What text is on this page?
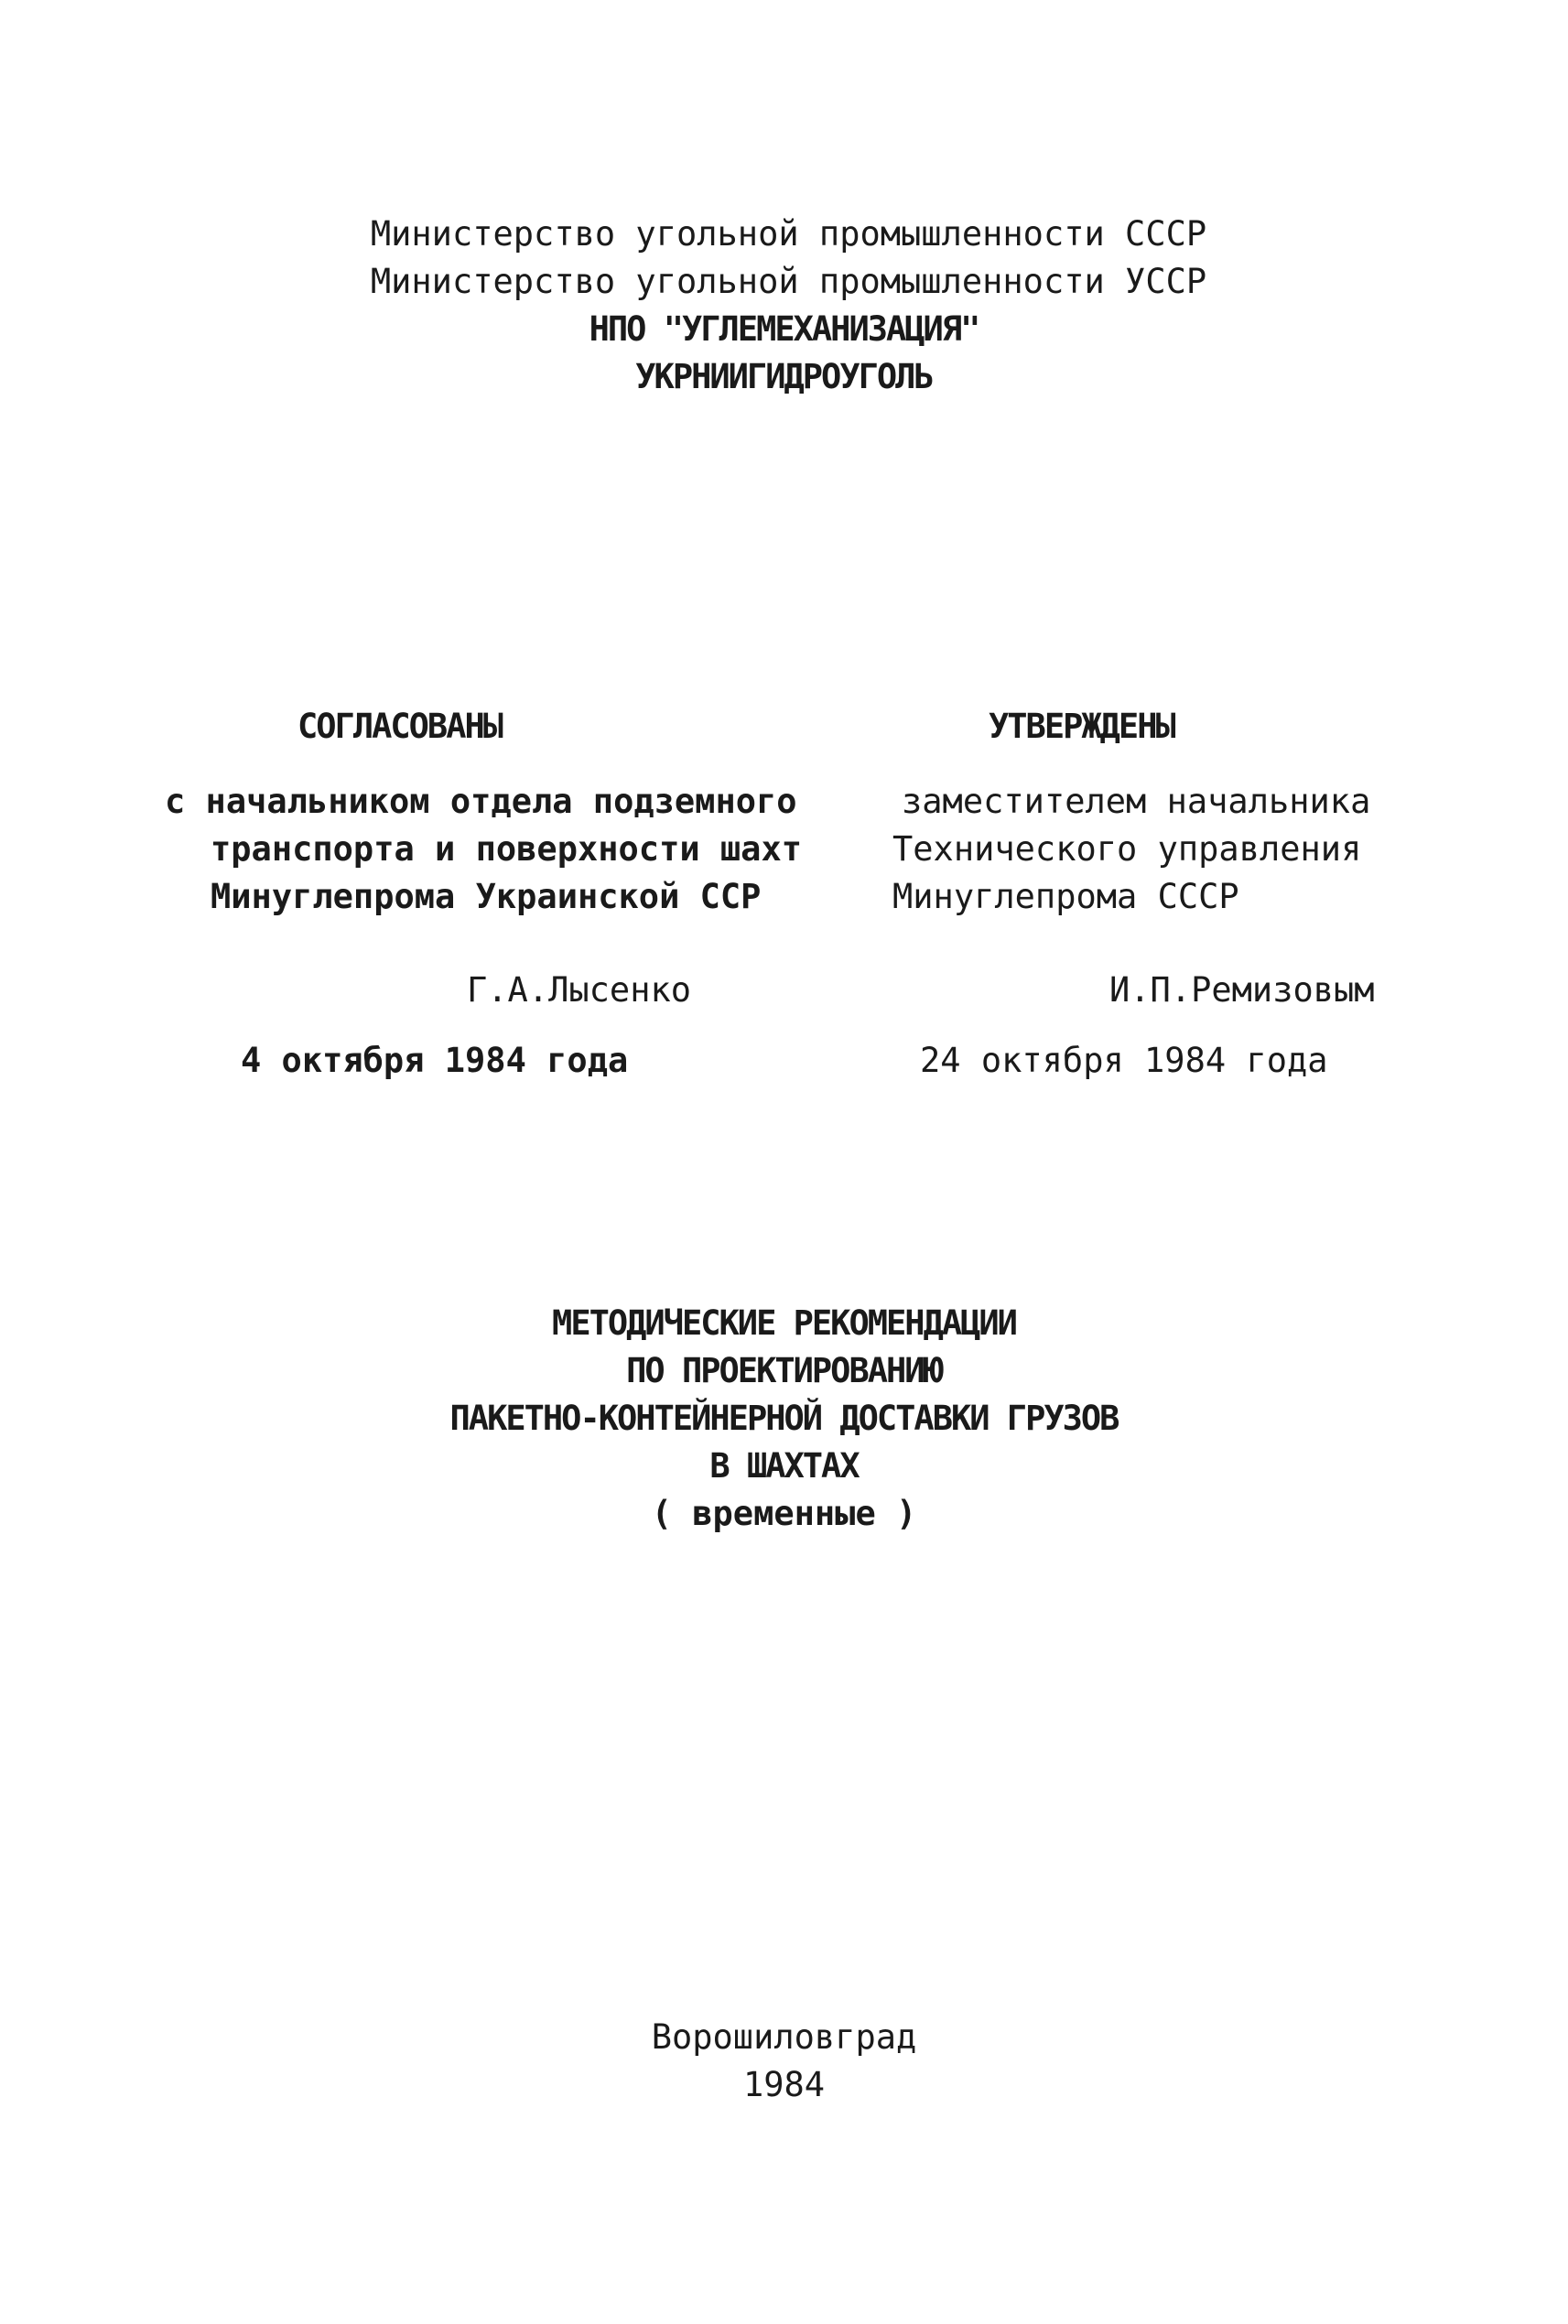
Министерство угольной промышленности СССР
Министерство угольной промышленности УССР
НПО "УГЛЕМЕХАНИЗАЦИЯ"
УКРНИИГИДРОУГОЛЬ
СОГЛАСОВАНЫ
с начальником отдела подземного
транспорта и поверхности шахт
Минуглепрома Украинской ССР
Г.А.Лысенко
4 октября 1984 года
УТВЕРЖДЕНЫ
заместителем начальника
Технического управления
Минуглепрома СССР
И.П.Ремизовым
24 октября 1984 года
МЕТОДИЧЕСКИЕ РЕКОМЕНДАЦИИ
ПО ПРОЕКТИРОВАНИЮ
ПАКЕТНО-КОНТЕЙНЕРНОЙ ДОСТАВКИ ГРУЗОВ
В ШАХТАХ
( временные )
Ворошиловград
1984
